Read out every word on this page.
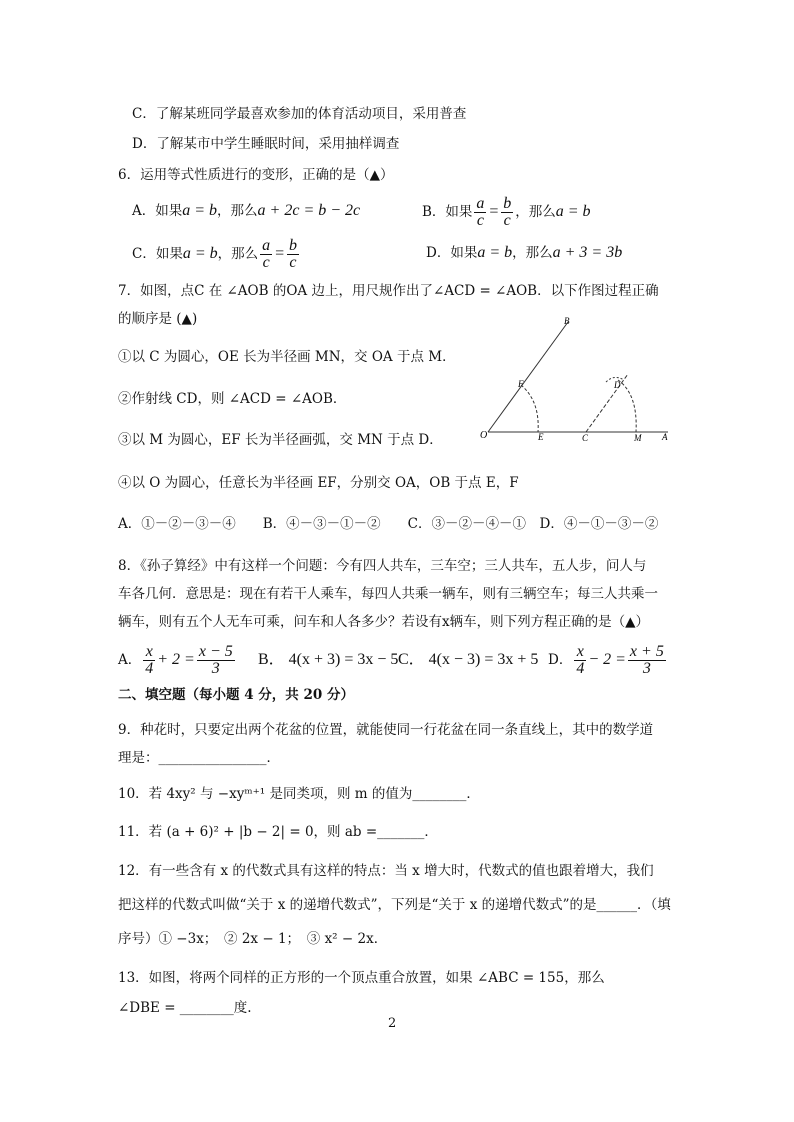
C．了解某班同学最喜欢参加的体育活动项目，采用普查
D．了解某市中学生睡眠时间，采用抽样调查
6．运用等式性质进行的变形，正确的是（▲）
A．如果a = b，那么a + 2c = b − 2c	B．如果 $\frac{a}{c} = \frac{b}{c}$ ，那么a = b
C．如果a = b，那么 $\frac{a}{c} = \frac{b}{c}$	D．如果a = b，那么a + 3 = 3b
7．如图，点C 在 ∠AOB 的OA 边上，用尺规作出了∠ACD = ∠AOB．以下作图过程正确
的顺序是 (▲)
①以 C 为圆心，OE 长为半径画 MN，交 OA 于点 M．
②作射线 CD，则 ∠ACD = ∠AOB．
③以 M 为圆心，EF 长为半径画弧，交 MN 于点 D．
④以 O 为圆心，任意长为半径画 EF，分别交 OA，OB 于点 E，F
A．①－②－③－④　　B．④－③－①－②　　C．③－②－④－①　D．④－①－③－②
O	E	C	M A
B
F	D
8．《孙子算经》中有这样一个问题：今有四人共车，三车空；三人共车，五人步，问人与
车各几何．意思是：现在有若干人乘车，每四人共乘一辆车，则有三辆空车；每三人共乘一
辆车，则有五个人无车可乘，问车和人各多少？若设有x辆车，则下列方程正确的是（▲）
A． $\frac{x}{4} + 2 = \frac{x - 5}{3}$ B． 4(x + 3) = 3x − 5 C． 4(x − 3) = 3x + 5 D． $\frac{x}{4} - 2 = \frac{x + 5}{3}$
二、填空题（每小题 4 分，共 20 分）
9．种花时，只要定出两个花盆的位置，就能使同一行花盆在同一条直线上，其中的数学道
理是：________________．
10．若 4xy² 与 −xyᵐ⁺¹ 是同类项，则 m 的值为________．
11．若 (a + 6)² + |b − 2| = 0，则 ab =_______．
12．有一些含有 x 的代数式具有这样的特点：当 x 增大时，代数式的值也跟着增大，我们
把这样的代数式叫做“关于 x 的递增代数式”，下列是“关于 x 的递增代数式”的是______．（填
序号）① −3x；　② 2x − 1；　③ x² − 2x．
13．如图，将两个同样的正方形的一个顶点重合放置，如果 ∠ABC = 155，那么
∠DBE = ________度.
2
